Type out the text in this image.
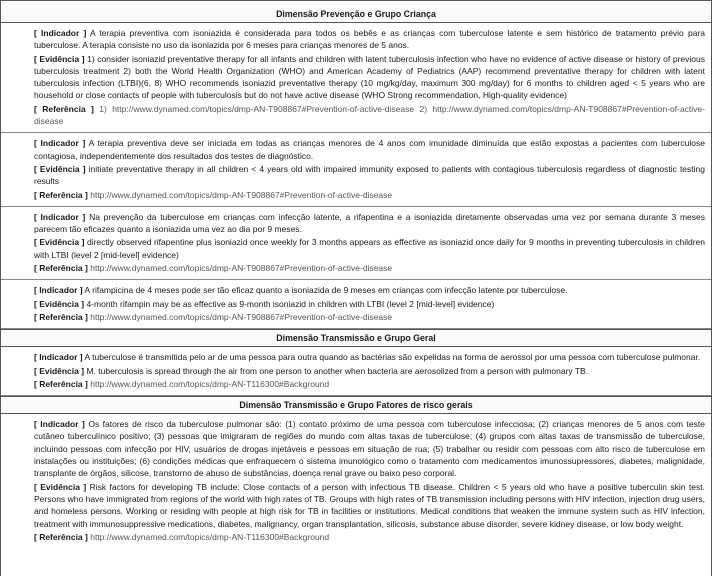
Dimensão Prevenção e Grupo Criança
[ Indicador ] A terapia preventiva com isoniazida é considerada para todos os bebês e as crianças com tuberculose latente e sem histórico de tratamento prévio para tuberculose. A terapia consiste no uso da isoniazida por 6 meses para crianças menores de 5 anos.
[ Evidência ] 1) consider isoniazid preventative therapy for all infants and children with latent tuberculosis infection who have no evidence of active disease or history of previous tuberculosis treatment 2) both the World Health Organization (WHO) and American Academy of Pediatrics (AAP) recommend preventative therapy for children with latent tuberculosis infection (LTBI)(6, 8) WHO recommends isoniazid preventative therapy (10 mg/kg/day, maximum 300 mg/day) for 6 months to children aged < 5 years who are household or close contacts of people with tuberculosis but do not have active disease (WHO Strong recommendation, High-quality evidence)
[ Referência ] 1) http://www.dynamed.com/topics/dmp-AN-T908867#Prevention-of-active-disease 2) http://www.dynamed.com/topics/dmp-AN-T908867#Prevention-of-active-disease
[ Indicador ] A terapia preventiva deve ser iniciada em todas as crianças menores de 4 anos com imunidade diminuída que estão expostas a pacientes com tuberculose contagiosa, independentemente dos resultados dos testes de diagnóstico.
[ Evidência ] initiate preventative therapy in all children < 4 years old with impaired immunity exposed to patients with contagious tuberculosis regardless of diagnostic testing results
[ Referência ] http://www.dynamed.com/topics/dmp-AN-T908867#Prevention-of-active-disease
[ Indicador ] Na prevenção da tuberculose em crianças com infecção latente, a rifapentina e a isoniazida diretamente observadas uma vez por semana durante 3 meses parecem tão eficazes quanto a isoniazida uma vez ao dia por 9 meses.
[ Evidência ] directly observed rifapentine plus isoniazid once weekly for 3 months appears as effective as isoniazid once daily for 9 months in preventing tuberculosis in children with LTBI (level 2 [mid-level] evidence)
[ Referência ] http://www.dynamed.com/topics/dmp-AN-T908867#Prevention-of-active-disease
[ Indicador ] A rifampicina de 4 meses pode ser tão eficaz quanto a isoniazida de 9 meses em crianças com infecção latente por tuberculose.
[ Evidência ] 4-month rifampin may be as effective as 9-month isoniazid in children with LTBI (level 2 [mid-level] evidence)
[ Referência ] http://www.dynamed.com/topics/dmp-AN-T908867#Prevention-of-active-disease
Dimensão Transmissão e Grupo Geral
[ Indicador ] A tuberculose é transmitida pelo ar de uma pessoa para outra quando as bactérias são expelidas na forma de aerossol por uma pessoa com tuberculose pulmonar.
[ Evidência ] M. tuberculosis is spread through the air from one person to another when bacteria are aerosolized from a person with pulmonary TB.
[ Referência ] http://www.dynamed.com/topics/dmp-AN-T116300#Background
Dimensão Transmissão e Grupo Fatores de risco gerais
[ Indicador ] Os fatores de risco da tuberculose pulmonar são: (1) contato próximo de uma pessoa com tuberculose infecciosa; (2) crianças menores de 5 anos com teste cutâneo tuberculínico positivo; (3) pessoas que imigraram de regiões do mundo com altas taxas de tuberculose; (4) grupos com altas taxas de transmissão de tuberculose, incluindo pessoas com infecção por HIV, usuários de drogas injetáveis e pessoas em situação de rua; (5) trabalhar ou residir com pessoas com alto risco de tuberculose em instalações ou instituições; (6) condições médicas que enfraquecem o sistema imunológico como o tratamento com medicamentos imunossupressores, diabetes, malignidade, transplante de órgãos, silicose, transtorno de abuso de substâncias, doença renal grave ou baixo peso corporal.
[ Evidência ] Risk factors for developing TB include: Close contacts of a person with infectious TB disease. Children < 5 years old who have a positive tuberculin skin test. Persons who have immigrated from regions of the world with high rates of TB. Groups with high rates of TB transmission including persons with HIV infection, injection drug users, and homeless persons. Working or residing with people at high risk for TB in facilities or institutions. Medical conditions that weaken the immune system such as HIV infection, treatment with immunosuppressive medications, diabetes, malignancy, organ transplantation, silicosis, substance abuse disorder, severe kidney disease, or low body weight.
[ Referência ] http://www.dynamed.com/topics/dmp-AN-T116300#Background
